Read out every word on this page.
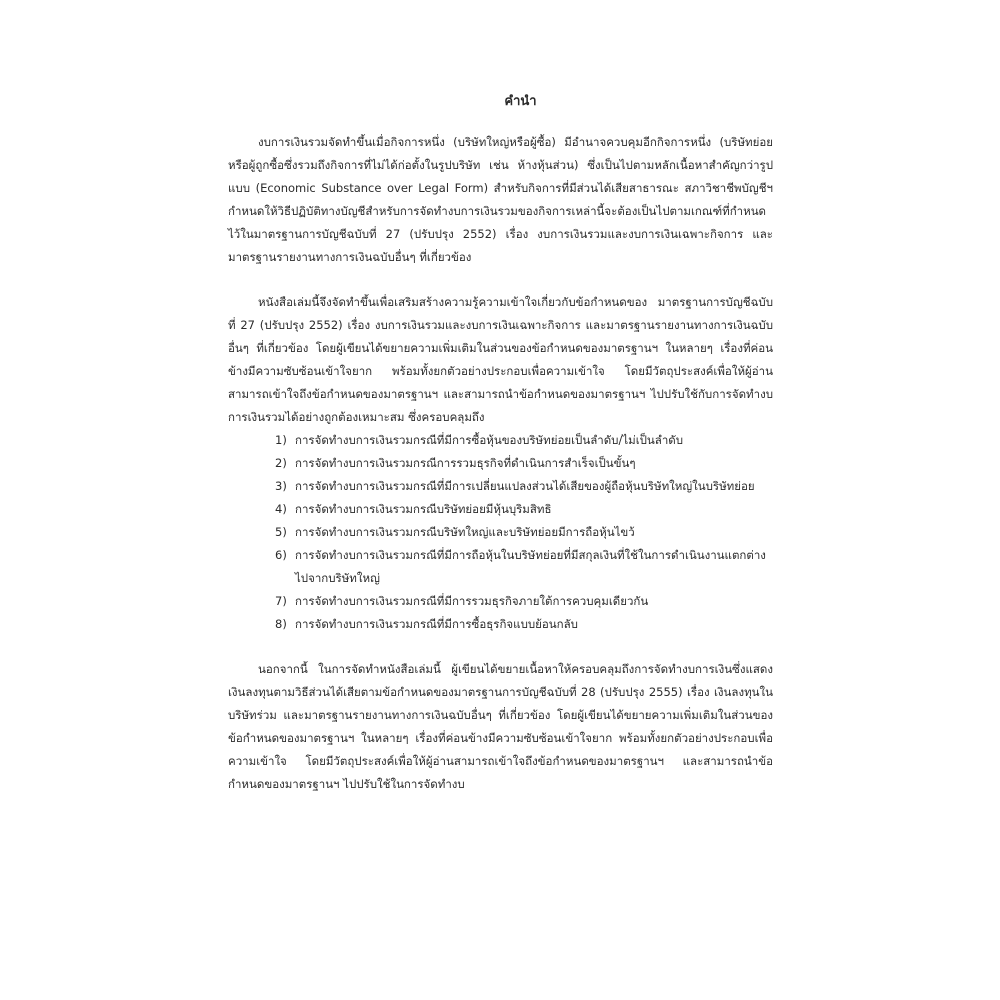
คำนำ

งบการเงินรวมจัดทำขึ้นเมื่อกิจการหนึ่ง (บริษัทใหญ่หรือผู้ซื้อ) มีอำนาจควบคุมอีกกิจการหนึ่ง (บริษัทย่อยหรือผู้ถูกซื้อซึ่งรวมถึงกิจการที่ไม่ได้ก่อตั้งในรูปบริษัท เช่น ห้างหุ้นส่วน) ซึ่งเป็นไปตามหลักเนื้อหาสำคัญกว่ารูปแบบ (Economic Substance over Legal Form) สำหรับกิจการที่มีส่วนได้เสียสาธารณะ สภาวิชาชีพบัญชีฯ กำหนดให้วิธีปฏิบัติทางบัญชีสำหรับการจัดทำงบการเงินรวมของกิจการเหล่านี้จะต้องเป็นไปตามเกณฑ์ที่กำหนดไว้ในมาตรฐานการบัญชีฉบับที่ 27 (ปรับปรุง 2552) เรื่อง งบการเงินรวมและงบการเงินเฉพาะกิจการ และมาตรฐานรายงานทางการเงินฉบับอื่นๆ ที่เกี่ยวข้อง

หนังสือเล่มนี้จึงจัดทำขึ้นเพื่อเสริมสร้างความรู้ความเข้าใจเกี่ยวกับข้อกำหนดของ มาตรฐานการบัญชีฉบับที่ 27 (ปรับปรุง 2552) เรื่อง งบการเงินรวมและงบการเงินเฉพาะกิจการ และมาตรฐานรายงานทางการเงินฉบับอื่นๆ ที่เกี่ยวข้อง โดยผู้เขียนได้ขยายความเพิ่มเติมในส่วนของข้อกำหนดของมาตรฐานฯ ในหลายๆ เรื่องที่ค่อนข้างมีความซับซ้อนเข้าใจยาก พร้อมทั้งยกตัวอย่างประกอบเพื่อความเข้าใจ โดยมีวัตถุประสงค์เพื่อให้ผู้อ่านสามารถเข้าใจถึงข้อกำหนดของมาตรฐานฯ และสามารถนำข้อกำหนดของมาตรฐานฯ ไปปรับใช้กับการจัดทำงบการเงินรวมได้อย่างถูกต้องเหมาะสม ซึ่งครอบคลุมถึง

1) การจัดทำงบการเงินรวมกรณีที่มีการซื้อหุ้นของบริษัทย่อยเป็นลำดับ/ไม่เป็นลำดับ
2) การจัดทำงบการเงินรวมกรณีการรวมธุรกิจที่ดำเนินการสำเร็จเป็นขั้นๆ
3) การจัดทำงบการเงินรวมกรณีที่มีการเปลี่ยนแปลงส่วนได้เสียของผู้ถือหุ้นบริษัทใหญ่ในบริษัทย่อย
4) การจัดทำงบการเงินรวมกรณีบริษัทย่อยมีหุ้นบุริมสิทธิ
5) การจัดทำงบการเงินรวมกรณีบริษัทใหญ่และบริษัทย่อยมีการถือหุ้นไขว้
6) การจัดทำงบการเงินรวมกรณีที่มีการถือหุ้นในบริษัทย่อยที่มีสกุลเงินที่ใช้ในการดำเนินงานแตกต่างไปจากบริษัทใหญ่
7) การจัดทำงบการเงินรวมกรณีที่มีการรวมธุรกิจภายใต้การควบคุมเดียวกัน
8) การจัดทำงบการเงินรวมกรณีที่มีการซื้อธุรกิจแบบย้อนกลับ

นอกจากนี้ ในการจัดทำหนังสือเล่มนี้ ผู้เขียนได้ขยายเนื้อหาให้ครอบคลุมถึงการจัดทำงบการเงินซึ่งแสดงเงินลงทุนตามวิธีส่วนได้เสียตามข้อกำหนดของมาตรฐานการบัญชีฉบับที่ 28 (ปรับปรุง 2555) เรื่อง เงินลงทุนในบริษัทร่วม และมาตรฐานรายงานทางการเงินฉบับอื่นๆ ที่เกี่ยวข้อง โดยผู้เขียนได้ขยายความเพิ่มเติมในส่วนของข้อกำหนดของมาตรฐานฯ ในหลายๆ เรื่องที่ค่อนข้างมีความซับซ้อนเข้าใจยาก พร้อมทั้งยกตัวอย่างประกอบเพื่อความเข้าใจ โดยมีวัตถุประสงค์เพื่อให้ผู้อ่านสามารถเข้าใจถึงข้อกำหนดของมาตรฐานฯ และสามารถนำข้อกำหนดของมาตรฐานฯ ไปปรับใช้ในการจัดทำงบ
